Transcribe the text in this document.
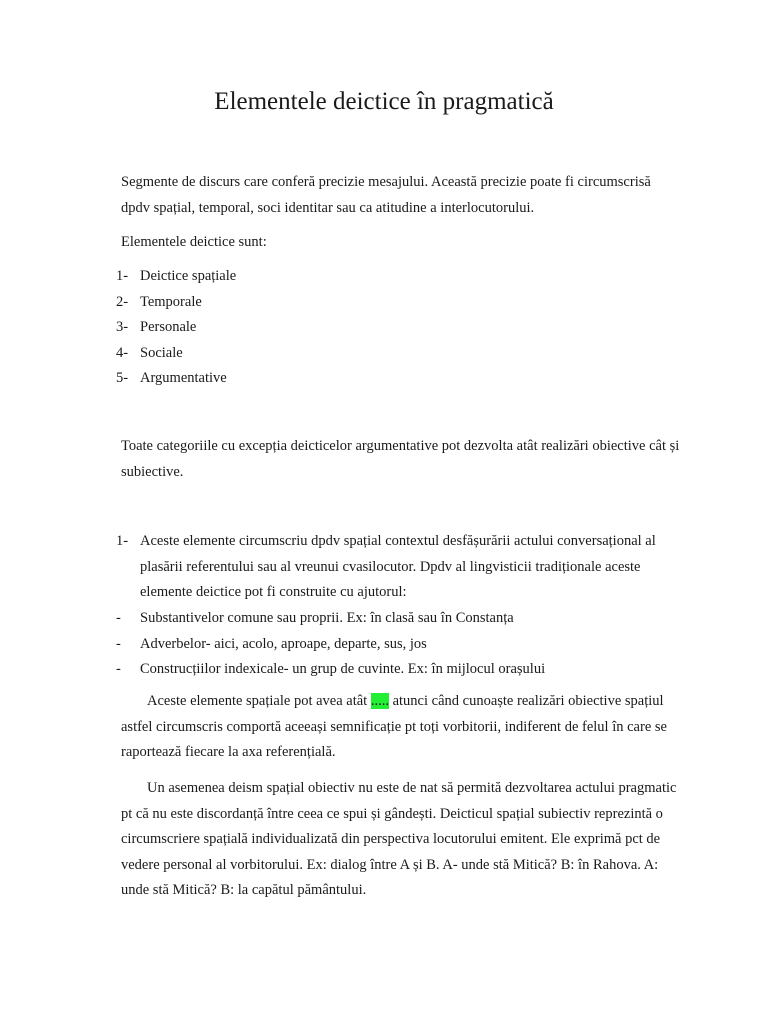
Elementele deictice în pragmatică

Segmente de discurs care conferă precizie mesajului. Această precizie poate fi circumscrisă dpdv spațial, temporal, soci identitar sau ca atitudine a interlocutorului.

Elementele deictice sunt:

1- Deictice spațiale
2- Temporale
3- Personale
4- Sociale
5- Argumentative

Toate categoriile cu excepția deicticelor argumentative pot dezvolta atât realizări obiective cât și subiective.

1- Aceste elemente circumscriu dpdv spațial contextul desfășurării actului conversațional al plasării referentului sau al vreunui cvasilocutor. Dpdv al lingvisticii tradiționale aceste elemente deictice pot fi construite cu ajutorul:
- Substantivelor comune sau proprii. Ex: în clasă sau în Constanța
- Adverbelor- aici, acolo, aproape, departe, sus, jos
- Construcțiilor indexicale- un grup de cuvinte. Ex: în mijlocul orașului

Aceste elemente spațiale pot avea atât ..... atunci când cunoaște realizări obiective spațiul astfel circumscris comportă aceeași semnificație pt toți vorbitorii, indiferent de felul în care se raportează fiecare la axa referențială.

Un asemenea deism spațial obiectiv nu este de nat să permită dezvoltarea actului pragmatic pt că nu este discordanță între ceea ce spui și gândești. Deicticul spațial subiectiv reprezintă o circumscriere spațială individualizată din perspectiva locutorului emitent. Ele exprimă pct de vedere personal al vorbitorului. Ex: dialog între A și B. A- unde stă Mitică? B: în Rahova. A: unde stă Mitică? B: la capătul pământului.
